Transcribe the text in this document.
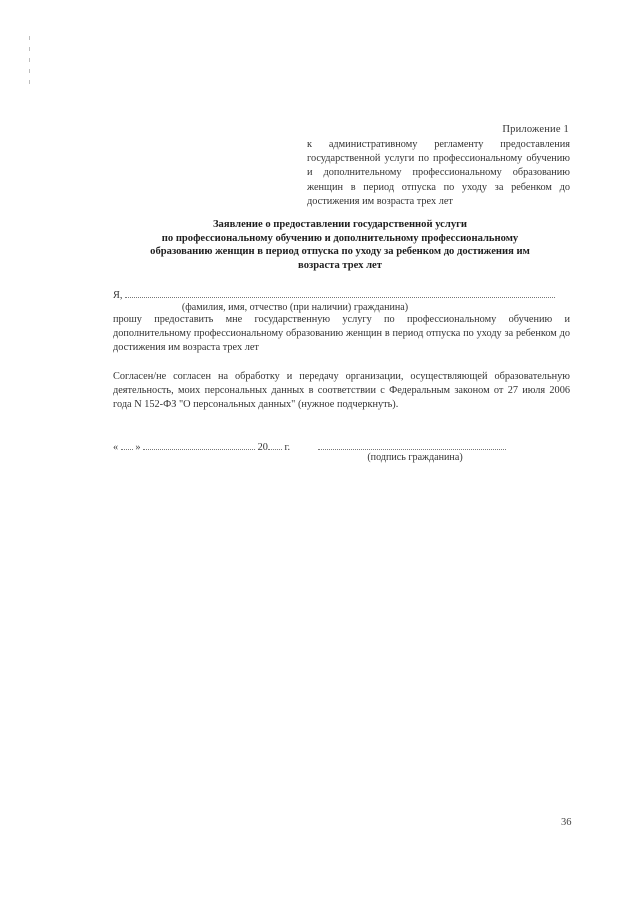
Приложение 1
к административному регламенту предоставления государственной услуги по профессиональному обучению и дополнительному профессиональному образованию женщин в период отпуска по уходу за ребенком до достижения им возраста трех лет
Заявление о предоставлении государственной услуги
по профессиональному обучению и дополнительному профессиональному
образованию женщин в период отпуска по уходу за ребенком до достижения им
возраста трех лет
Я,
(фамилия, имя, отчество (при наличии) гражданина)
прошу предоставить мне государственную услугу по профессиональному обучению и дополнительному профессиональному образованию женщин в период отпуска по уходу за ребенком до достижения им возраста трех лет
Согласен/не согласен на обработку и передачу организации, осуществляющей образовательную деятельность, моих персональных данных в соответствии с Федеральным законом от 27 июля 2006 года N 152-ФЗ "О персональных данных" (нужное подчеркнуть).
« »	20 г.
(подпись гражданина)
36
